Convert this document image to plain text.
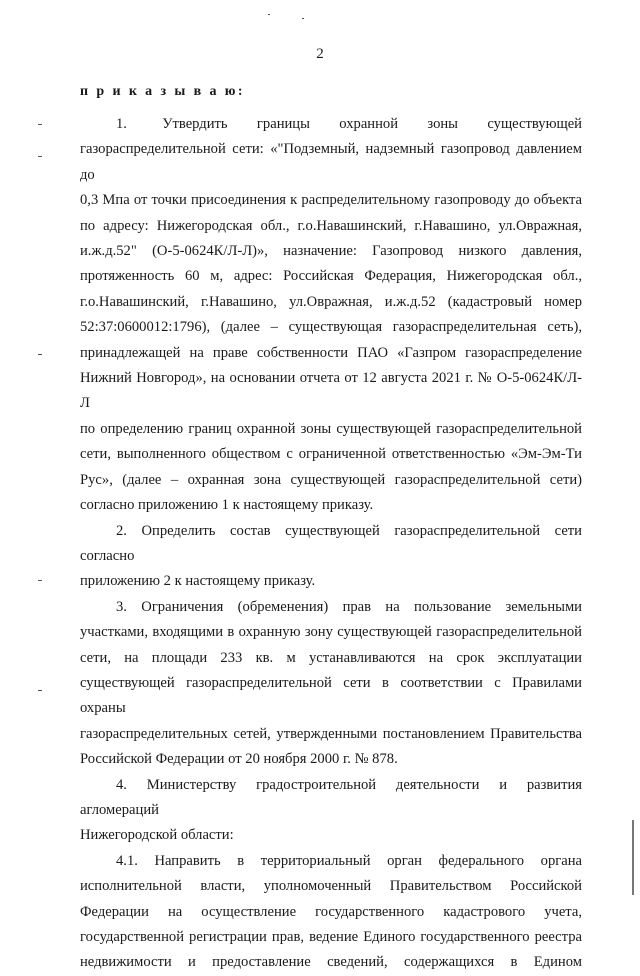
2
п р и к а з ы в а ю:

1.      Утвердить     границы     охранной     зоны     существующей

газораспределительной сети: «"Подземный, надземный газопровод давлением до

0,3 Мпа от точки присоединения к распределительному газопроводу до объекта

по адресу: Нижегородская обл., г.о.Навашинский, г.Навашино, ул.Овражная,

и.ж.д.52"   (О-5-0624К/Л-Л)»,   назначение:   Газопровод   низкого   давления,

протяженность 60 м, адрес: Российская Федерация, Нижегородская обл.,

г.о.Навашинский, г.Навашино, ул.Овражная, и.ж.д.52 (кадастровый номер

52:37:0600012:1796), (далее – существующая газораспределительная сеть),

принадлежащей на праве собственности ПАО «Газпром газораспределение

Нижний Новгород», на основании отчета от 12 августа 2021 г. № О-5-0624К/Л-Л

по определению границ охранной зоны существующей газораспределительной

сети, выполненного обществом с ограниченной ответственностью «Эм-Эм-Ти

Рус», (далее – охранная зона существующей газораспределительной сети)

согласно приложению 1 к настоящему приказу.

2. Определить состав существующей газораспределительной сети согласно

приложению 2 к настоящему приказу.

3.  Ограничения  (обременения)  прав  на  пользование  земельными

участками, входящими в охранную зону существующей газораспределительной

сети,  на  площади  233  кв.  м  устанавливаются  на  срок  эксплуатации

существующей газораспределительной сети в соответствии с Правилами охраны

газораспределительных сетей, утвержденными постановлением Правительства

Российской Федерации от 20 ноября 2000 г. № 878.

4. Министерству градостроительной деятельности и развития агломераций

Нижегородской области:

4.1.   Направить   в   территориальный   орган   федерального   органа

исполнительной   власти,   уполномоченный   Правительством   Российской

Федерации   на   осуществление   государственного   кадастрового   учета,

государственной регистрации прав, ведение Единого государственного реестра

недвижимости   и   предоставление   сведений,   содержащихся   в   Едином
